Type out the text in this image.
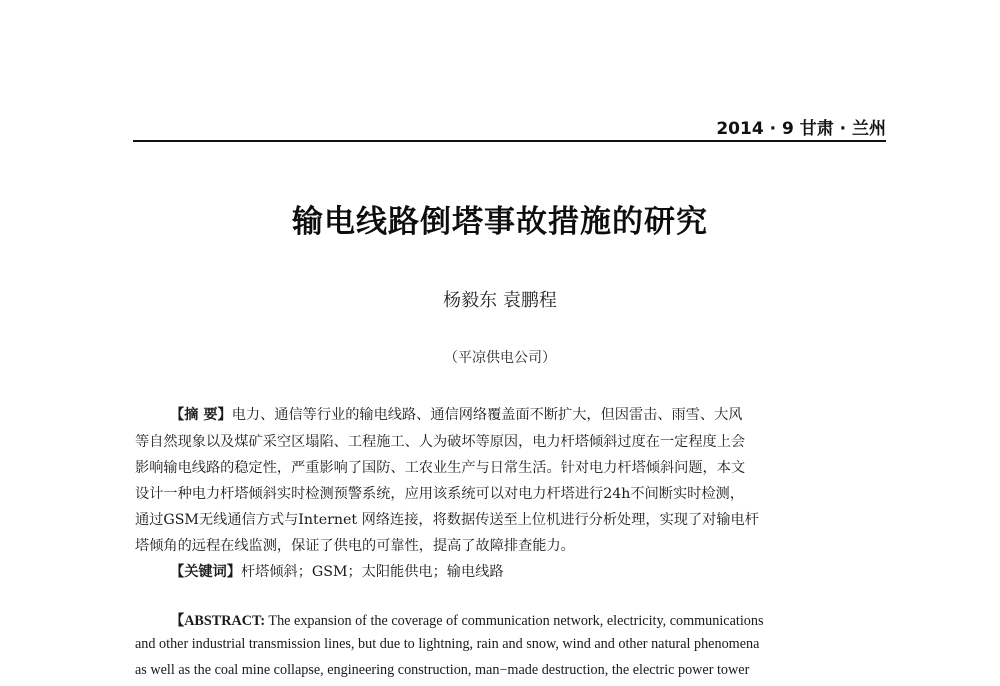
2014 · 9 甘肃 · 兰州
输电线路倒塔事故措施的研究
杨毅东 袁鹏程
（平凉供电公司）
【摘 要】电力、通信等行业的输电线路、通信网络覆盖面不断扩大，但因雷击、雨雪、大风
等自然现象以及煤矿采空区塌陷、工程施工、人为破坏等原因，电力杆塔倾斜过度在一定程度上会
影响输电线路的稳定性，严重影响了国防、工农业生产与日常生活。针对电力杆塔倾斜问题，本文
设计一种电力杆塔倾斜实时检测预警系统，应用该系统可以对电力杆塔进行24h不间断实时检测，
通过GSM无线通信方式与Internet 网络连接，将数据传送至上位机进行分析处理，实现了对输电杆
塔倾角的远程在线监测，保证了供电的可靠性，提高了故障排查能力。
【关键词】杆塔倾斜；GSM；太阳能供电；输电线路
【ABSTRACT: The expansion of the coverage of communication network, electricity, communications
and other industrial transmission lines, but due to lightning, rain and snow, wind and other natural phenomena
as well as the coal mine collapse, engineering construction, man−made destruction, the electric power tower
